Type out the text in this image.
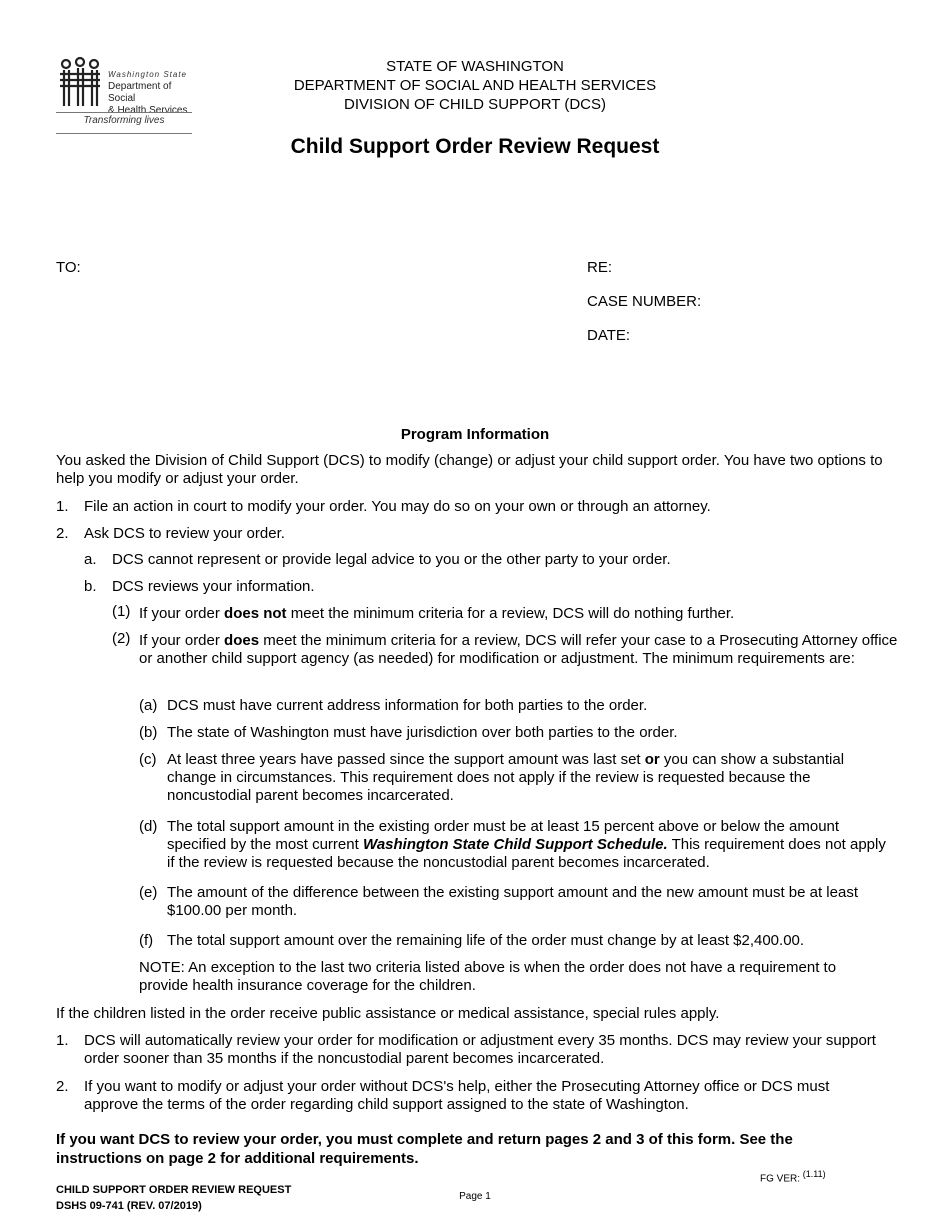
Washington State
Department of Social
& Health Services
Transforming lives
STATE OF WASHINGTON
DEPARTMENT OF SOCIAL AND HEALTH SERVICES
DIVISION OF CHILD SUPPORT (DCS)
Child Support Order Review Request
TO:	RE:
CASE NUMBER:
DATE:
Program Information
You asked the Division of Child Support (DCS) to modify (change) or adjust your child support order. You have two options to help you modify or adjust your order.
1. File an action in court to modify your order. You may do so on your own or through an attorney.
2. Ask DCS to review your order.
a. DCS cannot represent or provide legal advice to you or the other party to your order.
b. DCS reviews your information.
(1) If your order does not meet the minimum criteria for a review, DCS will do nothing further.
(2) If your order does meet the minimum criteria for a review, DCS will refer your case to a Prosecuting Attorney office or another child support agency (as needed) for modification or adjustment. The minimum requirements are:
(a) DCS must have current address information for both parties to the order.
(b) The state of Washington must have jurisdiction over both parties to the order.
(c) At least three years have passed since the support amount was last set or you can show a substantial change in circumstances. This requirement does not apply if the review is requested because the noncustodial parent becomes incarcerated.
(d) The total support amount in the existing order must be at least 15 percent above or below the amount specified by the most current Washington State Child Support Schedule. This requirement does not apply if the review is requested because the noncustodial parent becomes incarcerated.
(e) The amount of the difference between the existing support amount and the new amount must be at least $100.00 per month.
(f) The total support amount over the remaining life of the order must change by at least $2,400.00.
NOTE: An exception to the last two criteria listed above is when the order does not have a requirement to provide health insurance coverage for the children.
If the children listed in the order receive public assistance or medical assistance, special rules apply.
1. DCS will automatically review your order for modification or adjustment every 35 months. DCS may review your support order sooner than 35 months if the noncustodial parent becomes incarcerated.
2. If you want to modify or adjust your order without DCS's help, either the Prosecuting Attorney office or DCS must approve the terms of the order regarding child support assigned to the state of Washington.
If you want DCS to review your order, you must complete and return pages 2 and 3 of this form. See the instructions on page 2 for additional requirements.
FG VER: $^{(1.11)}$
CHILD SUPPORT ORDER REVIEW REQUEST
DSHS 09-741 (REV. 07/2019)
Page 1
